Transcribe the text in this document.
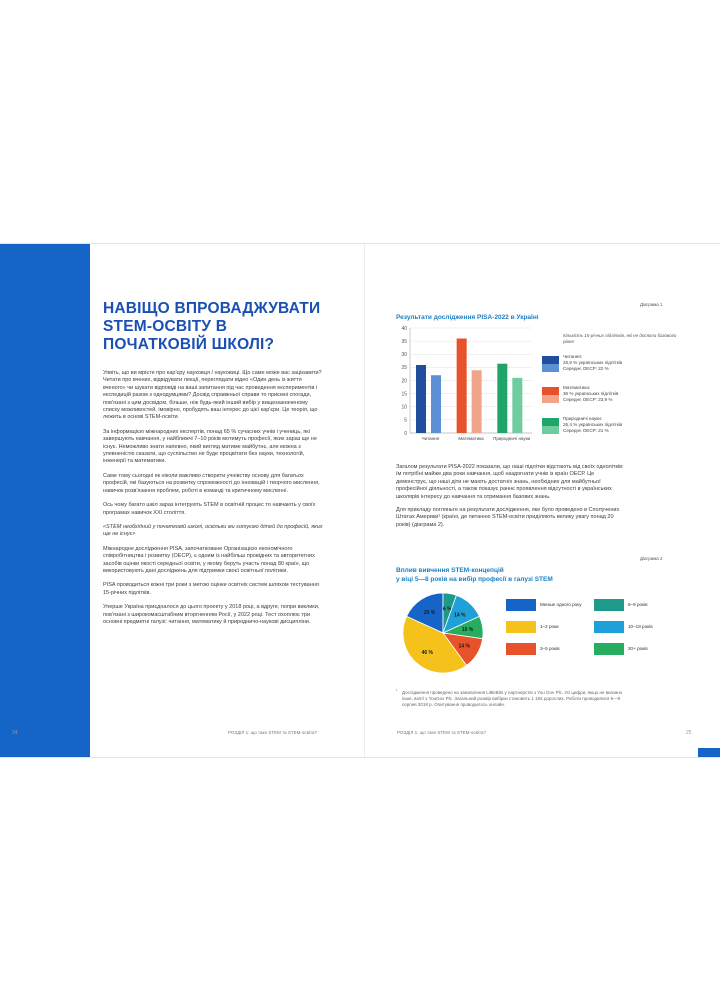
НАВІЩО ВПРОВАДЖУВАТИ STEM-ОСВІТУ В ПОЧАТКОВІЙ ШКОЛІ?

Уявіть, що ви мрієте про кар'єру науковця / науковиці. Що саме може вас зацікавити? Читати про вчених, відвідувати лекції, переглядати відео «Один день із життя вченого» чи шукати відповіді на ваші запитання під час проведення експериментів і експедицій разом з однодумцями? Досвід справжньої справи то приємні спогади, пов'язані з цим досвідом, більше, ніж будь-який інший вибір у вищезазначеному списку можливостей, імовірно, пробудять ваш інтерес до цієї кар'єри. Це теорія, що лежить в основі STEM-освіти.

За інформацією міжнародних експертів, понад 65 % сучасних учнів і учениць, які завершують навчання, у найближчі 7–10 років мотимуть професії, яких зараз ще не існує. Неможливо знати напевно, який вигляд матиме майбутнє, але можна з упевненістю сказати, що суспільство не буде процвітати без науки, технологій, інженерії та математики.

Саме тому сьогодні як ніколи важливо створити учнівству основу для багатьох професій, які базуються на розвитку спроможності до інновацій і творчого мислення, навичок розв'язання проблем, роботі в команді та критичному мисленні.

Ось чому багато шкіл зараз інтегрують STEM в освітній процес то навчають у своїх програмах навичок XXI століття.

«STEM необхідний у початковій школі, оскільки ми готуємо дітей до професій, яких ще не існує»

Міжнародне дослідження PISA, започатковане Організацією економічного співробітництва і розвитку (ОЕСР), є одним із найбільш провідних та авторитетних засобів оцінки якості середньої освіти, у якому беруть участь понад 80 країн, що використовують дані досліджень для підтримки своєї освітньої політики.

PISA проводиться кожні три роки з метою оцінки освітніх систем шляхом тестування 15-річних підлітків.

Уперше Україна приєдналося до цього проекту у 2018 році, а вдруге, попри виклики, пов'язані з широкомасштабним вторгненням Росії, у 2022 році. Тест охоплює три основні предметні галузі: читання, математику й природничо-наукові дисципліни.

24	РОЗДІЛ 1: що таке STEM та STEM-освіта?
Діаграма 1
Результати дослідження PISA-2022 в Україні
0
5
10
15
20
25
30
35
40
Читання	Математика Природничі науки
Кількість 15-річних підлітків, які не досягли базового рівня
Читання:
25,9 % українських підлітків
Середнє ОЕСР: 22 %
Математика:
36 % українських підлітків
Середнє ОЕСР: 23,9 %
Природничі науки:
26,4 % українських підлітків
Середнє ОЕСР: 21 %

Загалом результати PISA-2022 показали, що наші підлітки відстають від своїх однолітків: їм потрібні майже два роки навчання, щоб наздогнати учнів із країн ОЕСР. Це демонструє, що наші діти не мають достатніх знань, необхідних для майбутньої професійної діяльності, а також показує раннє проявлення відсутності в українських школярів інтересу до навчання та отримання базових знань.

Для прикладу погляньте на результати дослідження, яке було проведено в Сполучених Штатах Америки¹ (країні, де питанню STEM-освіти приділяють велику увагу понад 20 років) (діаграма 2).

Діаграма 2
Вплив вивчення STEM-концепцій
у віці 5—8 років на вибір професії в галузі STEM
20 %
6 %
14 %
10 %
14 %
46 %
Менше одного року	6–9 років
1–2 роки	10–19 років
3–5 років	20+ років
¹ Дослідження проведено на замовлення LittleBits у партнерстві з You Gov Plc. Усі цифри, якщо не вказано інше, взяті з YouGov Plc. Загальний розмір вибірки становить 1 183 дорослих. Роботи проводилися 6—9 серпня 2018 р. Опитування проводилось онлайн.
РОЗДІЛ 1: що таке STEM та STEM-освіта?	25
